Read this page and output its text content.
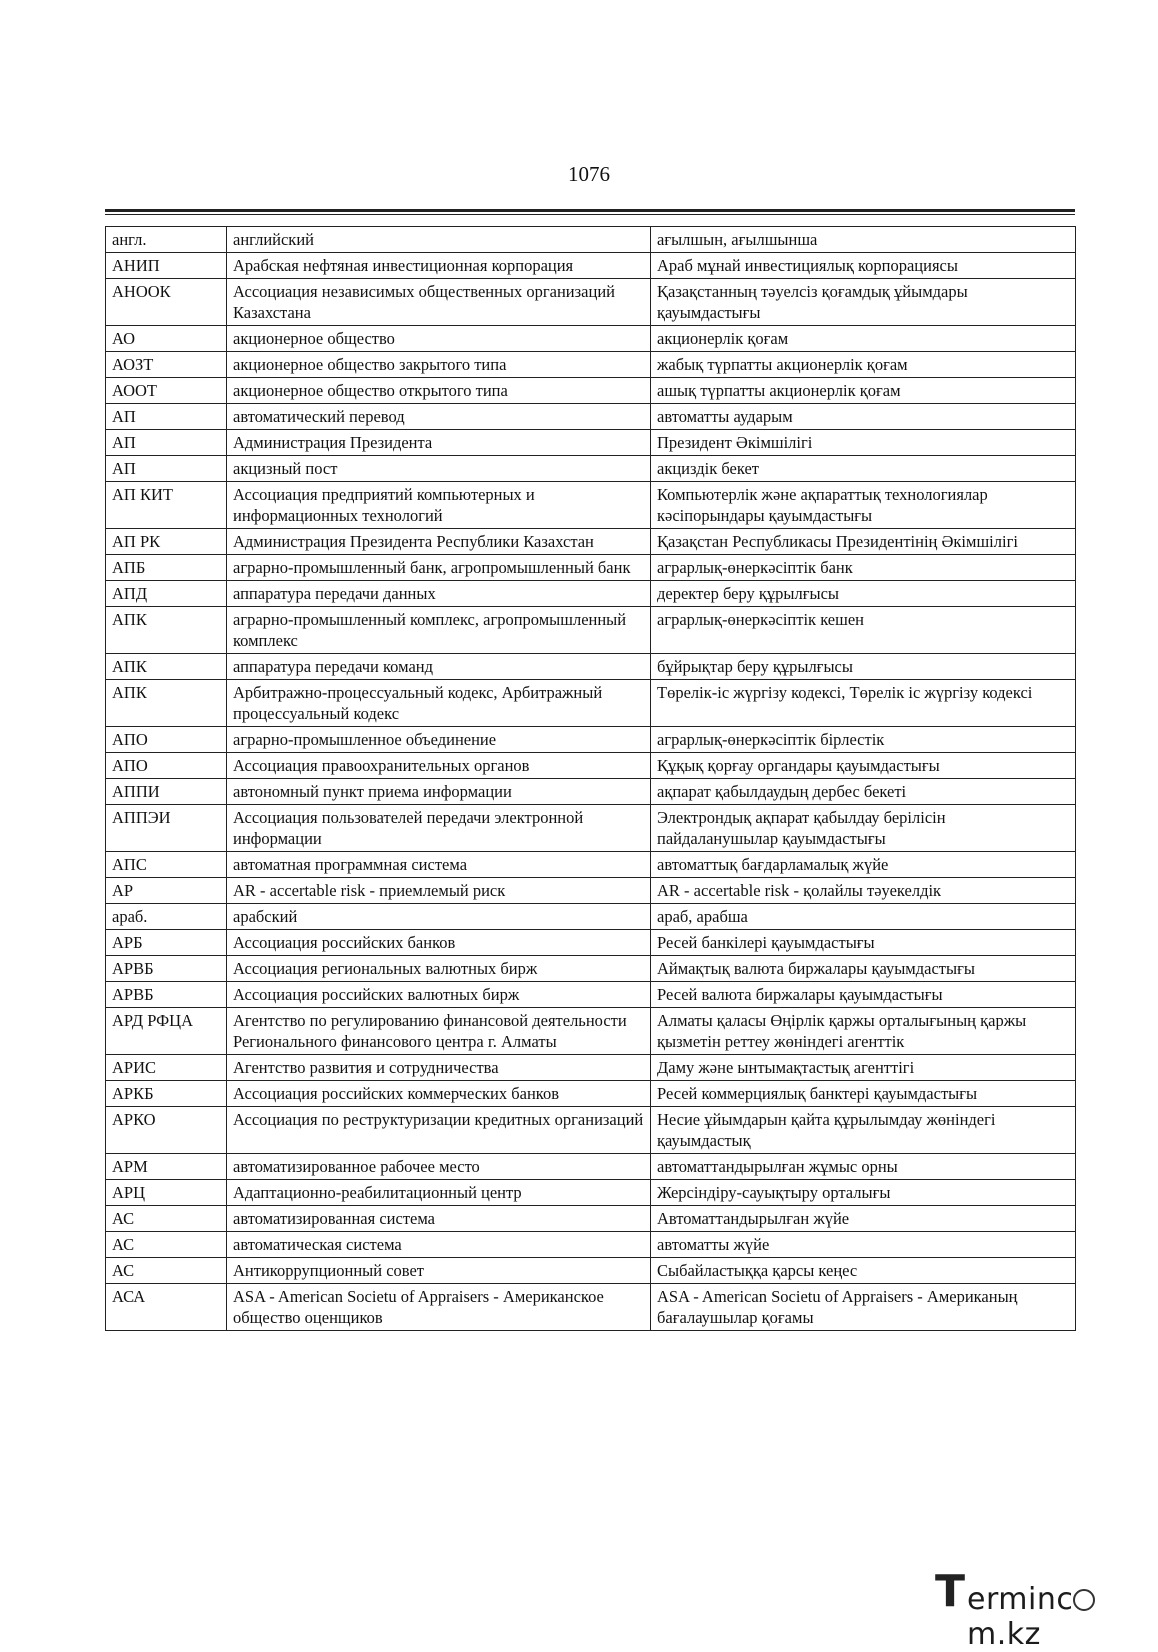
1076
англ.	английский	ағылшын, ағылшынша
АНИП	Арабская нефтяная инвестиционная корпорация	Араб мұнай инвестициялық корпорациясы
АНООК	Ассоциация независимых общественных организаций Казахстана	Қазақстанның тәуелсіз қоғамдық ұйымдары қауымдастығы
АО	акционерное общество	акционерлік қоғам
АОЗТ	акционерное общество закрытого типа	жабық түрпатты акционерлік қоғам
АООТ	акционерное общество открытого типа	ашық түрпатты акционерлік қоғам
АП	автоматический перевод	автоматты аударым
АП	Администрация Президента	Президент Әкімшілігі
АП	акцизный пост	акциздік бекет
АП КИТ	Ассоциация предприятий компьютерных и информационных технологий	Компьютерлік және ақпараттық технологиялар кәсіпорындары қауымдастығы
АП РК	Администрация Президента Республики Казахстан	Қазақстан Республикасы Президентінің Әкімшілігі
АПБ	аграрно-промышленный банк, агропромышленный банк	аграрлық-өнеркәсіптік банк
АПД	аппаратура передачи данных	деректер беру құрылғысы
АПК	аграрно-промышленный комплекс, агропромышленный комплекс	аграрлық-өнеркәсіптік кешен
АПК	аппаратура передачи команд	бұйрықтар беру құрылғысы
АПК	Арбитражно-процессуальный кодекс, Арбитражный процессуальный кодекс	Төрелік-іс жүргізу кодексі, Төрелік іс жүргізу кодексі
АПО	аграрно-промышленное объединение	аграрлық-өнеркәсіптік бірлестік
АПО	Ассоциация правоохранительных органов	Құқық қорғау органдары қауымдастығы
АППИ	автономный пункт приема информации	ақпарат қабылдаудың дербес бекеті
АППЭИ	Ассоциация пользователей передачи электронной информации	Электрондық ақпарат қабылдау берілісін пайдаланушылар қауымдастығы
АПС	автоматная программная система	автоматтық бағдарламалық жүйе
АР	AR - accertable risk - приемлемый риск	AR - accertable risk - қолайлы тәуекелдік
араб.	арабский	араб, арабша
АРБ	Ассоциация российских банков	Ресей банкілері қауымдастығы
АРВБ	Ассоциация региональных валютных бирж	Аймақтық валюта биржалары қауымдастығы
АРВБ	Ассоциация российских валютных бирж	Ресей валюта биржалары қауымдастығы
АРД РФЦА	Агентство по регулированию финансовой деятельности Регионального финансового центра г. Алматы	Алматы қаласы Өңірлік қаржы орталығының қаржы қызметін реттеу жөніндегі агенттік
АРИС	Агентство развития и сотрудничества	Даму және ынтымақтастық агенттігі
АРКБ	Ассоциация российских коммерческих банков	Ресей коммерциялық банктері қауымдастығы
АРКО	Ассоциация по реструктуризации кредитных организаций	Несие ұйымдарын қайта құрылымдау жөніндегі қауымдастық
АРМ	автоматизированное рабочее место	автоматтандырылған жұмыс орны
АРЦ	Адаптационно-реабилитационный центр	Жерсіндіру-сауықтыру орталығы
АС	автоматизированная система	Автоматтандырылған жүйе
АС	автоматическая система	автоматты жүйе
АС	Антикоррупционный совет	Сыбайластыққа қарсы кеңес
АСА	ASA - American Societu of Appraisers - Американское общество оценщиков	ASA - American Societu of Appraisers - Американың бағалаушылар қоғамы
T ermincm.kz
